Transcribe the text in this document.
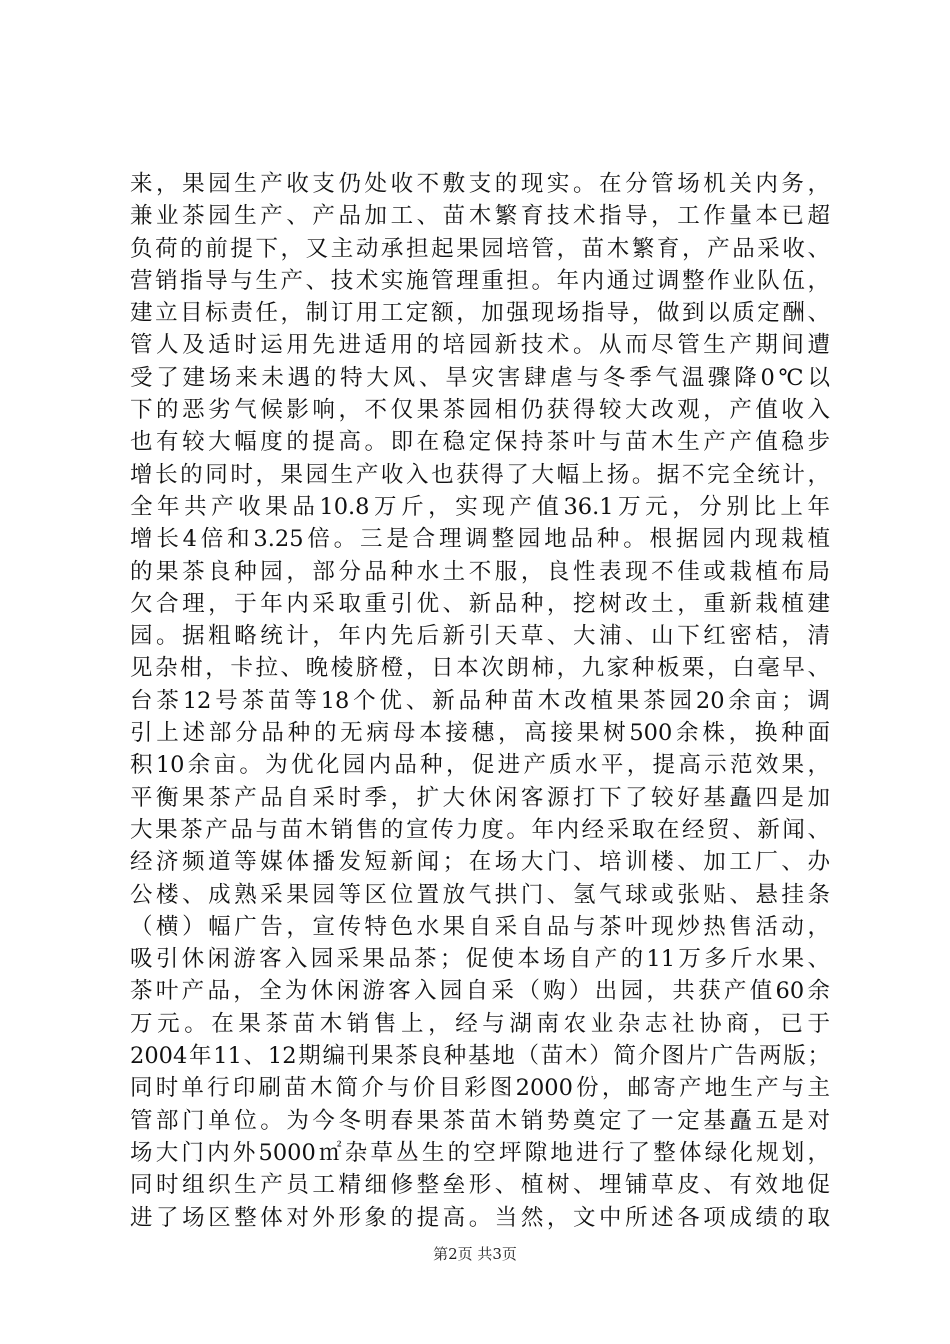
来，果园生产收支仍处收不敷支的现实。在分管场机关内务，
兼业茶园生产、产品加工、苗木繁育技术指导，工作量本已超
负荷的前提下，又主动承担起果园培管，苗木繁育，产品采收、
营销指导与生产、技术实施管理重担。年内通过调整作业队伍，
建立目标责任，制订用工定额，加强现场指导，做到以质定酬、
管人及适时运用先进适用的培园新技术。从而尽管生产期间遭
受了建场来未遇的特大风、旱灾害肆虐与冬季气温骤降0℃以
下的恶劣气候影响，不仅果茶园相仍获得较大改观，产值收入
也有较大幅度的提高。即在稳定保持茶叶与苗木生产产值稳步
增长的同时，果园生产收入也获得了大幅上扬。据不完全统计，
全年共产收果品10.8万斤，实现产值36.1万元，分别比上年
增长4倍和3.25倍。三是合理调整园地品种。根据园内现栽植
的果茶良种园，部分品种水土不服，良性表现不佳或栽植布局
欠合理，于年内采取重引优、新品种，挖树改土，重新栽植建
园。据粗略统计，年内先后新引天草、大浦、山下红密桔，清
见杂柑，卡拉、晚棱脐橙，日本次朗柿，九家种板栗，白毫早、
台茶12号茶苗等18个优、新品种苗木改植果茶园20余亩；调
引上述部分品种的无病母本接穗，高接果树500余株，换种面
积10余亩。为优化园内品种，促进产质水平，提高示范效果，
平衡果茶产品自采时季，扩大休闲客源打下了较好基矗四是加
大果茶产品与苗木销售的宣传力度。年内经采取在经贸、新闻、
经济频道等媒体播发短新闻；在场大门、培训楼、加工厂、办
公楼、成熟采果园等区位置放气拱门、氢气球或张贴、悬挂条
（横）幅广告，宣传特色水果自采自品与茶叶现炒热售活动，
吸引休闲游客入园采果品茶；促使本场自产的11万多斤水果、
茶叶产品，全为休闲游客入园自采（购）出园，共获产值60余
万元。在果茶苗木销售上，经与湖南农业杂志社协商，已于
2004年11、12期编刊果茶良种基地（苗木）简介图片广告两版；
同时单行印刷苗木简介与价目彩图2000份，邮寄产地生产与主
管部门单位。为今冬明春果茶苗木销势奠定了一定基矗五是对
场大门内外5000㎡杂草丛生的空坪隙地进行了整体绿化规划，
同时组织生产员工精细修整垒形、植树、埋铺草皮、有效地促
进了场区整体对外形象的提高。当然，文中所述各项成绩的取
第2页 共3页
